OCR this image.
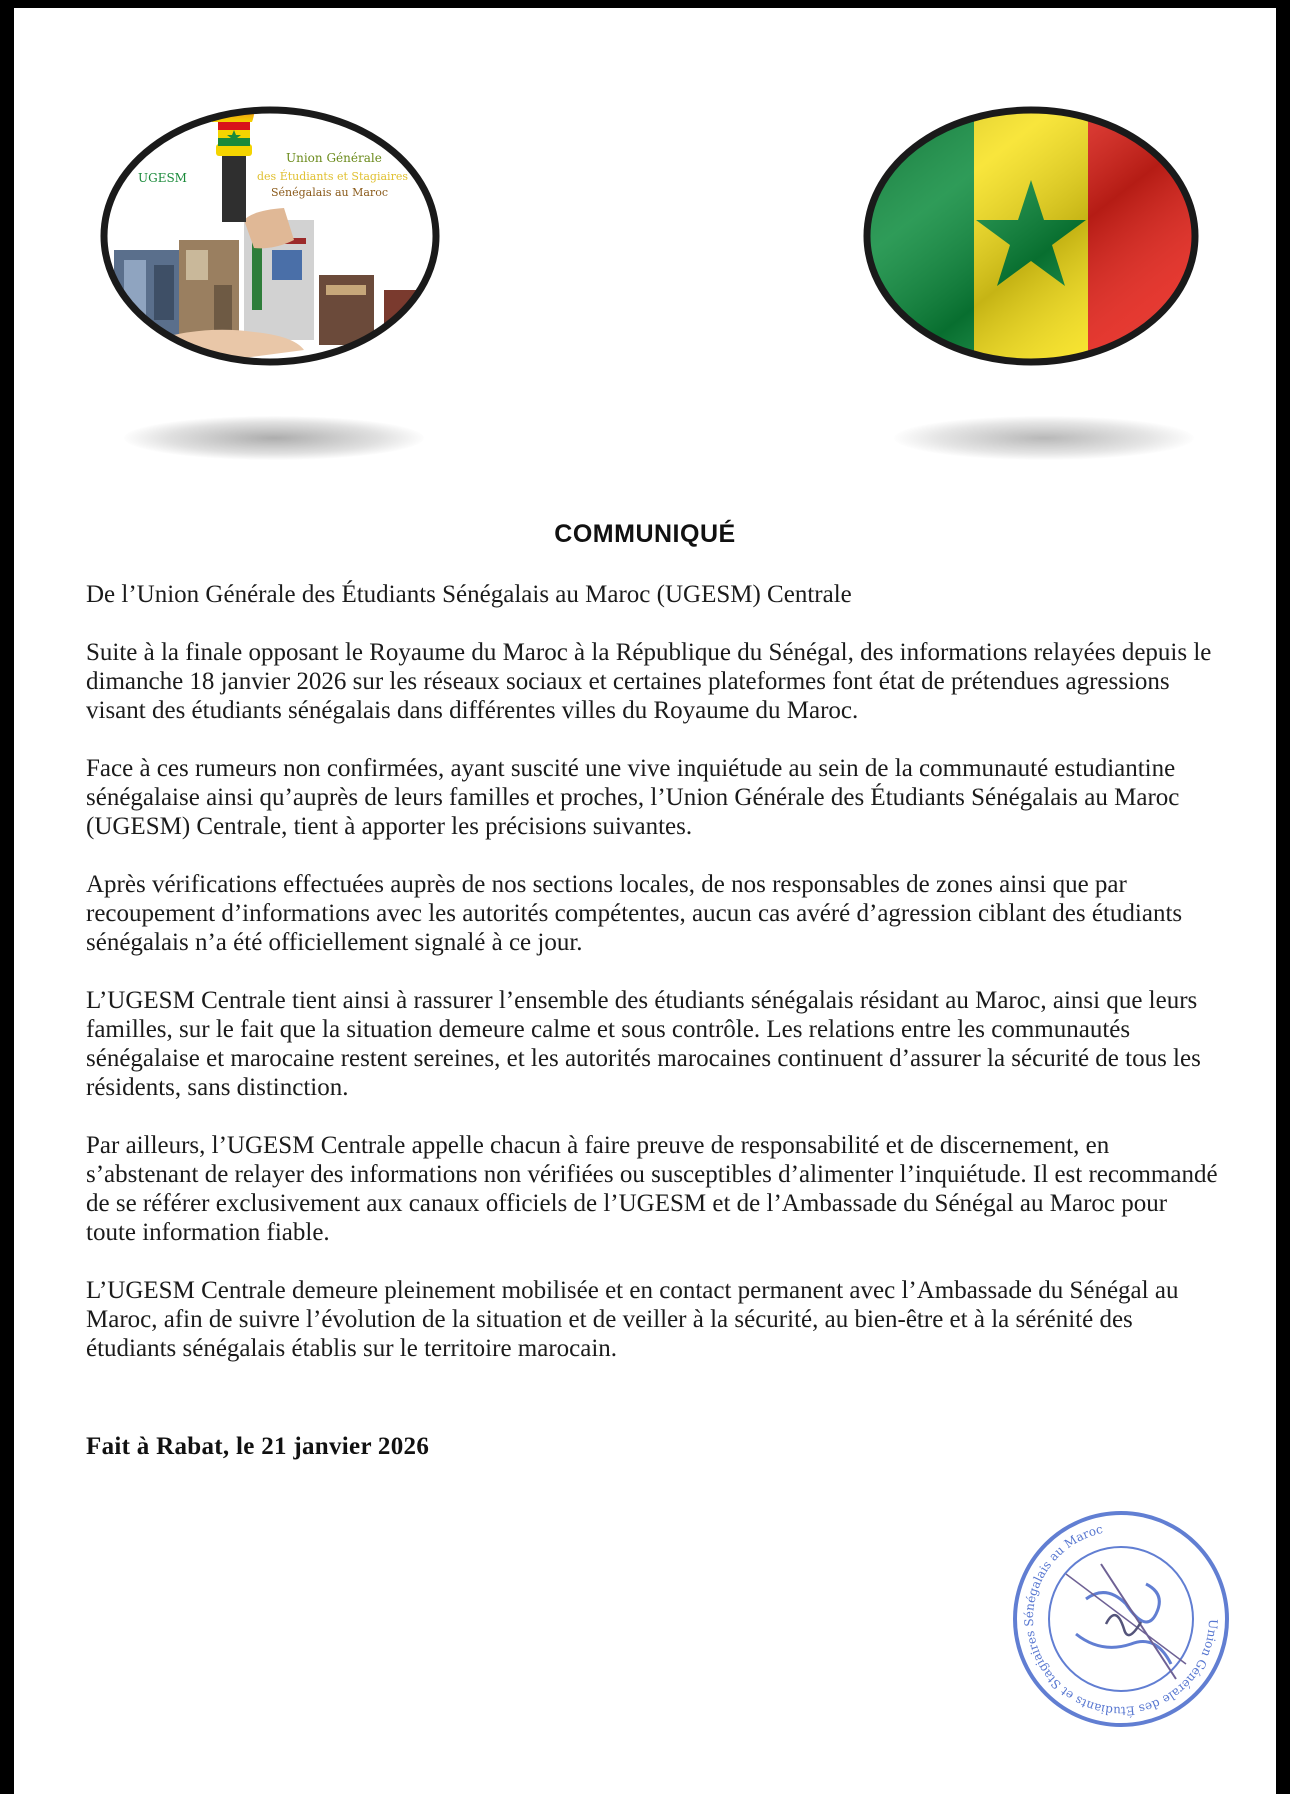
UGESM
Union Générale
des Étudiants et Stagiaires
Sénégalais au Maroc
COMMUNIQUÉ

De l’Union Générale des Étudiants Sénégalais au Maroc (UGESM) Centrale

Suite à la finale opposant le Royaume du Maroc à la République du Sénégal, des informations relayées depuis le dimanche 18 janvier 2026 sur les réseaux sociaux et certaines plateformes font état de prétendues agressions visant des étudiants sénégalais dans différentes villes du Royaume du Maroc.

Face à ces rumeurs non confirmées, ayant suscité une vive inquiétude au sein de la communauté estudiantine sénégalaise ainsi qu’auprès de leurs familles et proches, l’Union Générale des Étudiants Sénégalais au Maroc (UGESM) Centrale, tient à apporter les précisions suivantes.

Après vérifications effectuées auprès de nos sections locales, de nos responsables de zones ainsi que par recoupement d’informations avec les autorités compétentes, aucun cas avéré d’agression ciblant des étudiants sénégalais n’a été officiellement signalé à ce jour.

L’UGESM Centrale tient ainsi à rassurer l’ensemble des étudiants sénégalais résidant au Maroc, ainsi que leurs familles, sur le fait que la situation demeure calme et sous contrôle. Les relations entre les communautés sénégalaise et marocaine restent sereines, et les autorités marocaines continuent d’assurer la sécurité de tous les résidents, sans distinction.

Par ailleurs, l’UGESM Centrale appelle chacun à faire preuve de responsabilité et de discernement, en s’abstenant de relayer des informations non vérifiées ou susceptibles d’alimenter l’inquiétude. Il est recommandé de se référer exclusivement aux canaux officiels de l’UGESM et de l’Ambassade du Sénégal au Maroc pour toute information fiable.

L’UGESM Centrale demeure pleinement mobilisée et en contact permanent avec l’Ambassade du Sénégal au Maroc, afin de suivre l’évolution de la situation et de veiller à la sécurité, au bien-être et à la sérénité des étudiants sénégalais établis sur le territoire marocain.

Fait à Rabat, le 21 janvier 2026
Union Générale des Étudiants et Stagiaires Sénégalais au Maroc
